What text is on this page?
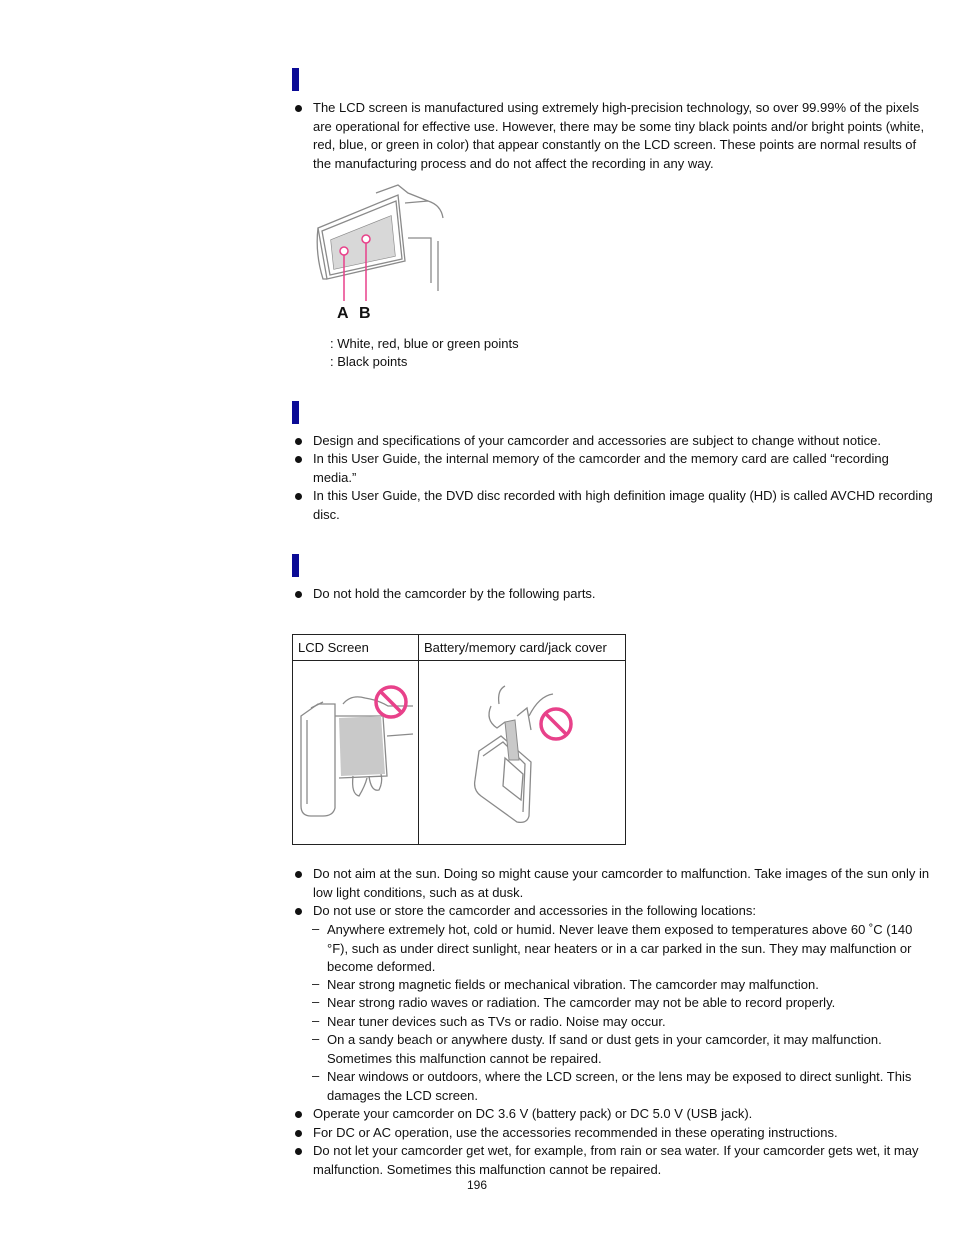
The LCD screen is manufactured using extremely high-precision technology, so over 99.99% of the pixels are operational for effective use. However, there may be some tiny black points and/or bright points (white, red, blue, or green in color) that appear constantly on the LCD screen. These points are normal results of the manufacturing process and do not affect the recording in any way.

A B
: White, red, blue or green points
: Black points

Design and specifications of your camcorder and accessories are subject to change without notice.

In this User Guide, the internal memory of the camcorder and the memory card are called “recording media.”

In this User Guide, the DVD disc recorded with high definition image quality (HD) is called AVCHD recording disc.

Do not hold the camcorder by the following parts.

LCD Screen	Battery/memory card/jack cover

Do not aim at the sun. Doing so might cause your camcorder to malfunction. Take images of the sun only in low light conditions, such as at dusk.

Do not use or store the camcorder and accessories in the following locations:

– Anywhere extremely hot, cold or humid. Never leave them exposed to temperatures above 60 ˚C (140 °F), such as under direct sunlight, near heaters or in a car parked in the sun. They may malfunction or become deformed.

– Near strong magnetic fields or mechanical vibration. The camcorder may malfunction.

– Near strong radio waves or radiation. The camcorder may not be able to record properly.

– Near tuner devices such as TVs or radio. Noise may occur.

– On a sandy beach or anywhere dusty. If sand or dust gets in your camcorder, it may malfunction. Sometimes this malfunction cannot be repaired.

– Near windows or outdoors, where the LCD screen, or the lens may be exposed to direct sunlight. This damages the LCD screen.

Operate your camcorder on DC 3.6 V (battery pack) or DC 5.0 V (USB jack).

For DC or AC operation, use the accessories recommended in these operating instructions.

Do not let your camcorder get wet, for example, from rain or sea water. If your camcorder gets wet, it may malfunction. Sometimes this malfunction cannot be repaired.

196
